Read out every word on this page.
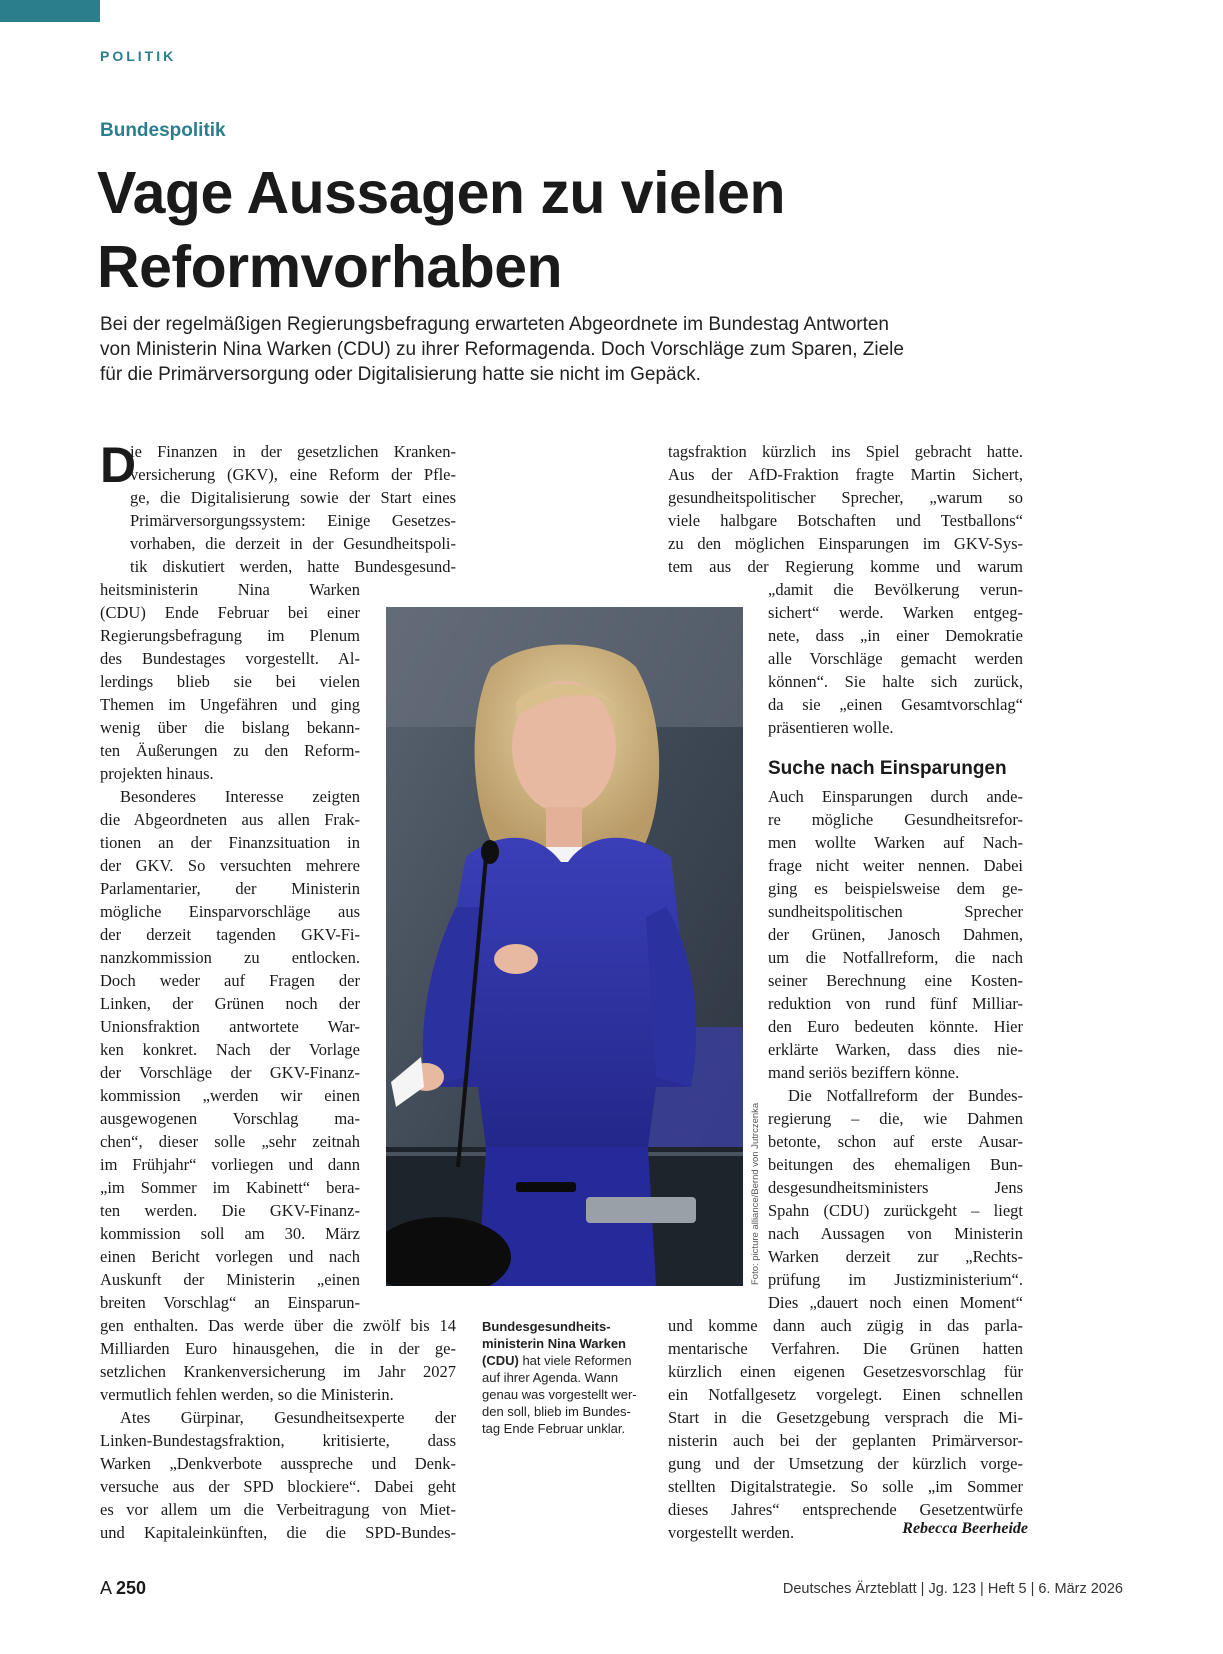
POLITIK
Bundespolitik
Vage Aussagen zu vielen
Reformvorhaben
Bei der regelmäßigen Regierungsbefragung erwarteten Abgeordnete im Bundestag Antworten
von Ministerin Nina Warken (CDU) zu ihrer Reformagenda. Doch Vorschläge zum Sparen, Ziele
für die Primärversorgung oder Digitalisierung hatte sie nicht im Gepäck.
D
ie Finanzen in der gesetzlichen Kranken-
versicherung (GKV), eine Reform der Pfle-
ge, die Digitalisierung sowie der Start eines
Primärversorgungssystem: Einige Gesetzes-
vorhaben, die derzeit in der Gesundheitspoli-
tik diskutiert werden, hatte Bundesgesund-
heitsministerin Nina Warken
(CDU) Ende Februar bei einer
Regierungsbefragung im Plenum
des Bundestages vorgestellt. Al-
lerdings blieb sie bei vielen
Themen im Ungefähren und ging
wenig über die bislang bekann-
ten Äußerungen zu den Reform-
projekten hinaus.
Besonderes Interesse zeigten
die Abgeordneten aus allen Frak-
tionen an der Finanzsituation in
der GKV. So versuchten mehrere
Parlamentarier, der Ministerin
mögliche Einsparvorschläge aus
der derzeit tagenden GKV-Fi-
nanzkommission zu entlocken.
Doch weder auf Fragen der
Linken, der Grünen noch der
Unionsfraktion antwortete War-
ken konkret. Nach der Vorlage
der Vorschläge der GKV-Finanz-
kommission „werden wir einen
ausgewogenen Vorschlag ma-
chen“, dieser solle „sehr zeitnah
im Frühjahr“ vorliegen und dann
„im Sommer im Kabinett“ bera-
ten werden. Die GKV-Finanz-
kommission soll am 30. März
einen Bericht vorlegen und nach
Auskunft der Ministerin „einen
breiten Vorschlag“ an Einsparun-
gen enthalten. Das werde über die zwölf bis 14
Milliarden Euro hinausgehen, die in der ge-
setzlichen Krankenversicherung im Jahr 2027
vermutlich fehlen werden, so die Ministerin.
Ates Gürpinar, Gesundheitsexperte der
Linken-Bundestagsfraktion, kritisierte, dass
Warken „Denkverbote ausspreche und Denk-
versuche aus der SPD blockiere“. Dabei geht
es vor allem um die Verbeitragung von Miet-
und Kapitaleinkünften, die die SPD-Bundes-
tagsfraktion kürzlich ins Spiel gebracht hatte.
Aus der AfD-Fraktion fragte Martin Sichert,
gesundheitspolitischer Sprecher, „warum so
viele halbgare Botschaften und Testballons“
zu den möglichen Einsparungen im GKV-Sys-
tem aus der Regierung komme und warum
„damit die Bevölkerung verun-
sichert“ werde. Warken entgeg-
nete, dass „in einer Demokratie
alle Vorschläge gemacht werden
können“. Sie halte sich zurück,
da sie „einen Gesamtvorschlag“
präsentieren wolle.
Suche nach Einsparungen
Auch Einsparungen durch ande-
re mögliche Gesundheitsrefor-
men wollte Warken auf Nach-
frage nicht weiter nennen. Dabei
ging es beispielsweise dem ge-
sundheitspolitischen Sprecher
der Grünen, Janosch Dahmen,
um die Notfallreform, die nach
seiner Berechnung eine Kosten-
reduktion von rund fünf Milliar-
den Euro bedeuten könnte. Hier
erklärte Warken, dass dies nie-
mand seriös beziffern könne.
Die Notfallreform der Bundes-
regierung – die, wie Dahmen
betonte, schon auf erste Ausar-
beitungen des ehemaligen Bun-
desgesundheitsministers Jens
Spahn (CDU) zurückgeht – liegt
nach Aussagen von Ministerin
Warken derzeit zur „Rechts-
prüfung im Justizministerium“.
Dies „dauert noch einen Moment“
und komme dann auch zügig in das parla-
mentarische Verfahren. Die Grünen hatten
kürzlich einen eigenen Gesetzesvorschlag für
ein Notfallgesetz vorgelegt. Einen schnellen
Start in die Gesetzgebung versprach die Mi-
nisterin auch bei der geplanten Primärversor-
gung und der Umsetzung der kürzlich vorge-
stellten Digitalstrategie. So solle „im Sommer
dieses Jahres“ entsprechende Gesetzentwürfe
vorgestellt werden.	Rebecca Beerheide
Foto: picture alliance/Bernd von Jutrczenka
Bundesgesundheits-
ministerin Nina Warken
(CDU) hat viele Reformen
auf ihrer Agenda. Wann
genau was vorgestellt wer-
den soll, blieb im Bundes-
tag Ende Februar unklar.
A 250	Deutsches Ärzteblatt | Jg. 123 | Heft 5 | 6. März 2026
